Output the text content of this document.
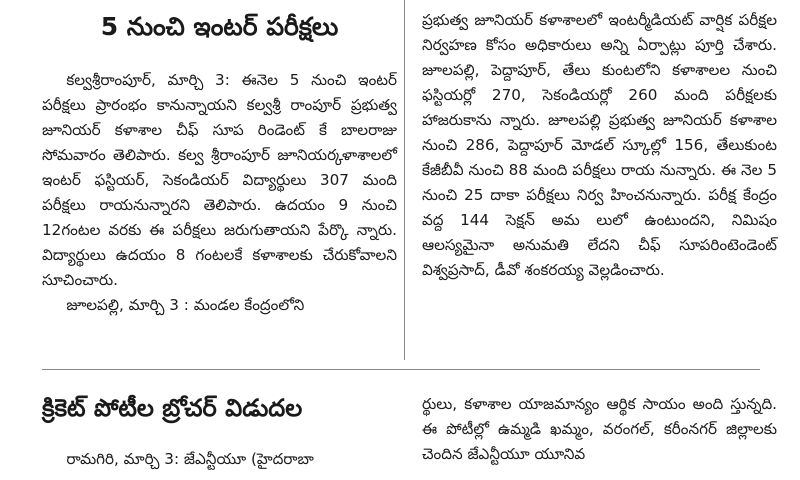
5 నుంచి ఇంటర్ పరీక్షలు

కల్వశ్రీరాంపూర్, మార్చి 3: ఈనెల 5 నుంచి ఇంటర్ పరీక్షలు ప్రారంభం కానున్నాయని కల్వశ్రీ రాంపూర్ ప్రభుత్వ జూనియర్ కళాశాల చీఫ్ సూప రిండెంట్ కే బాలరాజు సోమవారం తెలిపారు. కల్వ శ్రీరాంపూర్ జూనియర్కళాశాలలో ఇంటర్ ఫస్టియర్, సెకండియర్ విద్యార్థులు 307 మంది పరీక్షలు రాయనున్నారని తెలిపారు. ఉదయం 9 నుంచి 12గంటల వరకు ఈ పరీక్షలు జరుగుతాయని పేర్కొ న్నారు. విద్యార్థులు ఉదయం 8 గంటలకే కళాశాలకు చేరుకోవాలని సూచించారు.

జూలపల్లి, మార్చి 3 : మండల కేంద్రంలోని

ప్రభుత్వ జూనియర్ కళాశాలలో ఇంటర్మీడియట్ వార్షిక పరీక్షల నిర్వహణ కోసం అధికారులు అన్ని ఏర్పాట్లు పూర్తి చేశారు. జూలపల్లి, పెద్దాపూర్, తేలు కుంటలోని కళాశాలల నుంచి ఫస్టియర్లో 270, సెకండియర్లో 260 మంది పరీక్షలకు హాజరుకాను న్నారు. జూలపల్లి ప్రభుత్వ జూనియర్ కళాశాల నుంచి 286, పెద్దాపూర్ మోడల్ స్కూల్లో 156, తేలుకుంట కేజీబీవీ నుంచి 88 మంది పరీక్షలు రాయ నున్నారు. ఈ నెల 5 నుంచి 25 దాకా పరీక్షలు నిర్వ హించనున్నారు. పరీక్ష కేంద్రం వద్ద 144 సెక్షన్ అమ లులో ఉంటుందని, నిమిషం ఆలస్యమైనా అనుమతి లేదని చీఫ్ సూపరింటెండెంట్ విశ్వప్రసాద్, డీవో శంకరయ్య వెల్లడించారు.

క్రికెట్ పోటీల బ్రోచర్ విడుదల

రామగిరి, మార్చి 3: జేఎన్టీయూ (హైదరాబా

ర్థులు, కళాశాల యాజమాన్యం ఆర్థిక సాయం అంది స్తున్నది. ఈ పోటీల్లో ఉమ్మడి ఖమ్మం, వరంగల్, కరీంనగర్ జిల్లాలకు చెందిన జేఎన్టీయూ యూనివ
